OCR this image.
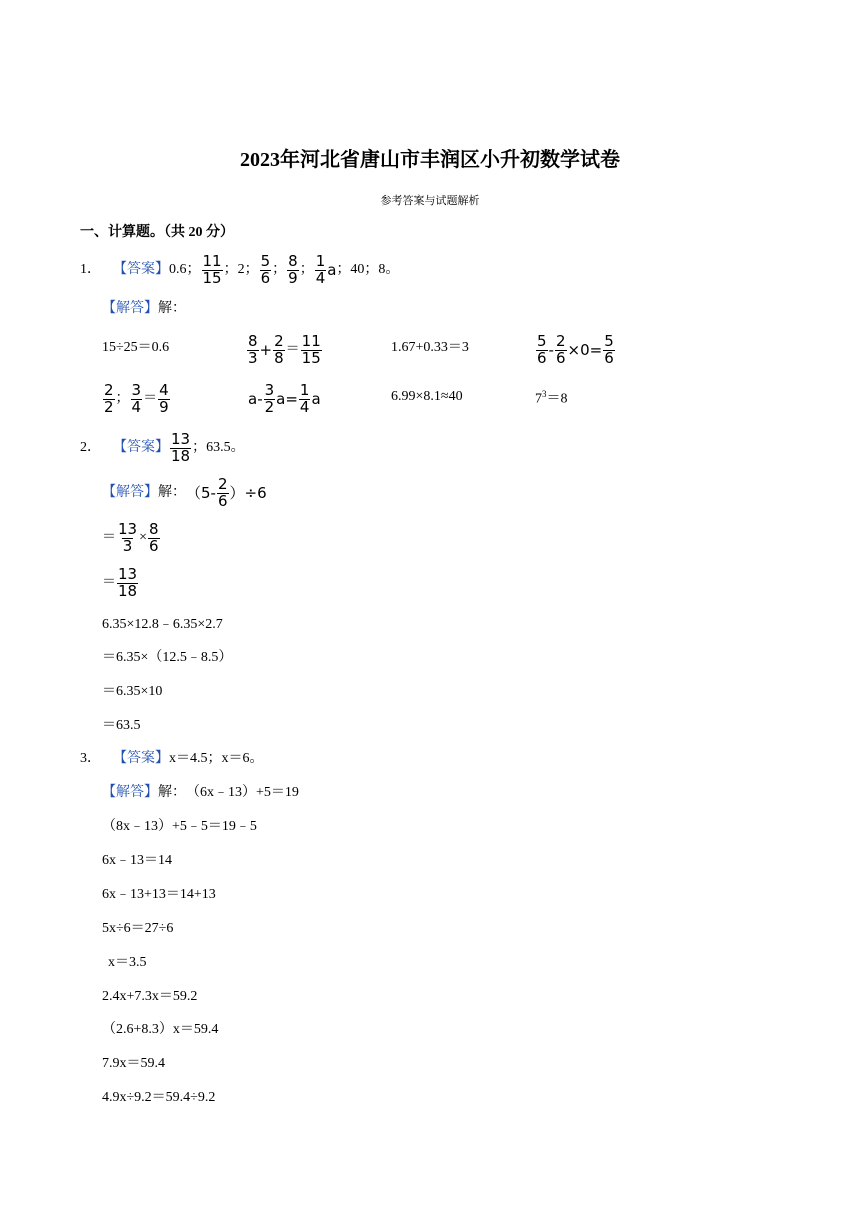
2023年河北省唐山市丰润区小升初数学试卷
参考答案与试题解析
一、计算题。（共 20 分）
1． 【答案】 0.6； $\frac{11}{15}$ ；2； $\frac{5}{6}$ ； $\frac{8}{9}$ ； $\frac{1}{4}$ a ；40；8。
【解答】 解：
15÷25＝0.6	$\frac{8}{3} + \frac{2}{8} = \frac{11}{15}$	1.67+0.33＝3	$\frac{5}{6} - \frac{2}{6} \times 0= \frac{5}{6}$
$\frac{2}{2}$ ； $\frac{3}{4} = \frac{4}{9}$	$a- \frac{3}{2} a= \frac{1}{4}$ a	6.99×8.1≈40	$7^3=8$
2． 【答案】 $\frac{13}{18}$ ；63.5。
【解答】 解： $(5- \frac{2}{6} )\div 6$
＝ $\frac{13}{3} \times \frac{8}{6}$
＝ $\frac{13}{18}$
6.35×12.8﹣6.35×2.7
＝6.35×（12.5﹣8.5）
＝6.35×10
＝63.5
3． 【答案】 x＝4.5；x＝6。
【解答】 解： （6x﹣13）+5＝19
（8x﹣13）+5﹣5＝19﹣5
6x﹣13＝14
6x﹣13+13＝14+13
5x÷6＝27÷6
x＝3.5
2.4x+7.3x＝59.2
（2.6+8.3）x＝59.4
7.9x＝59.4
4.9x÷9.2＝59.4÷9.2
